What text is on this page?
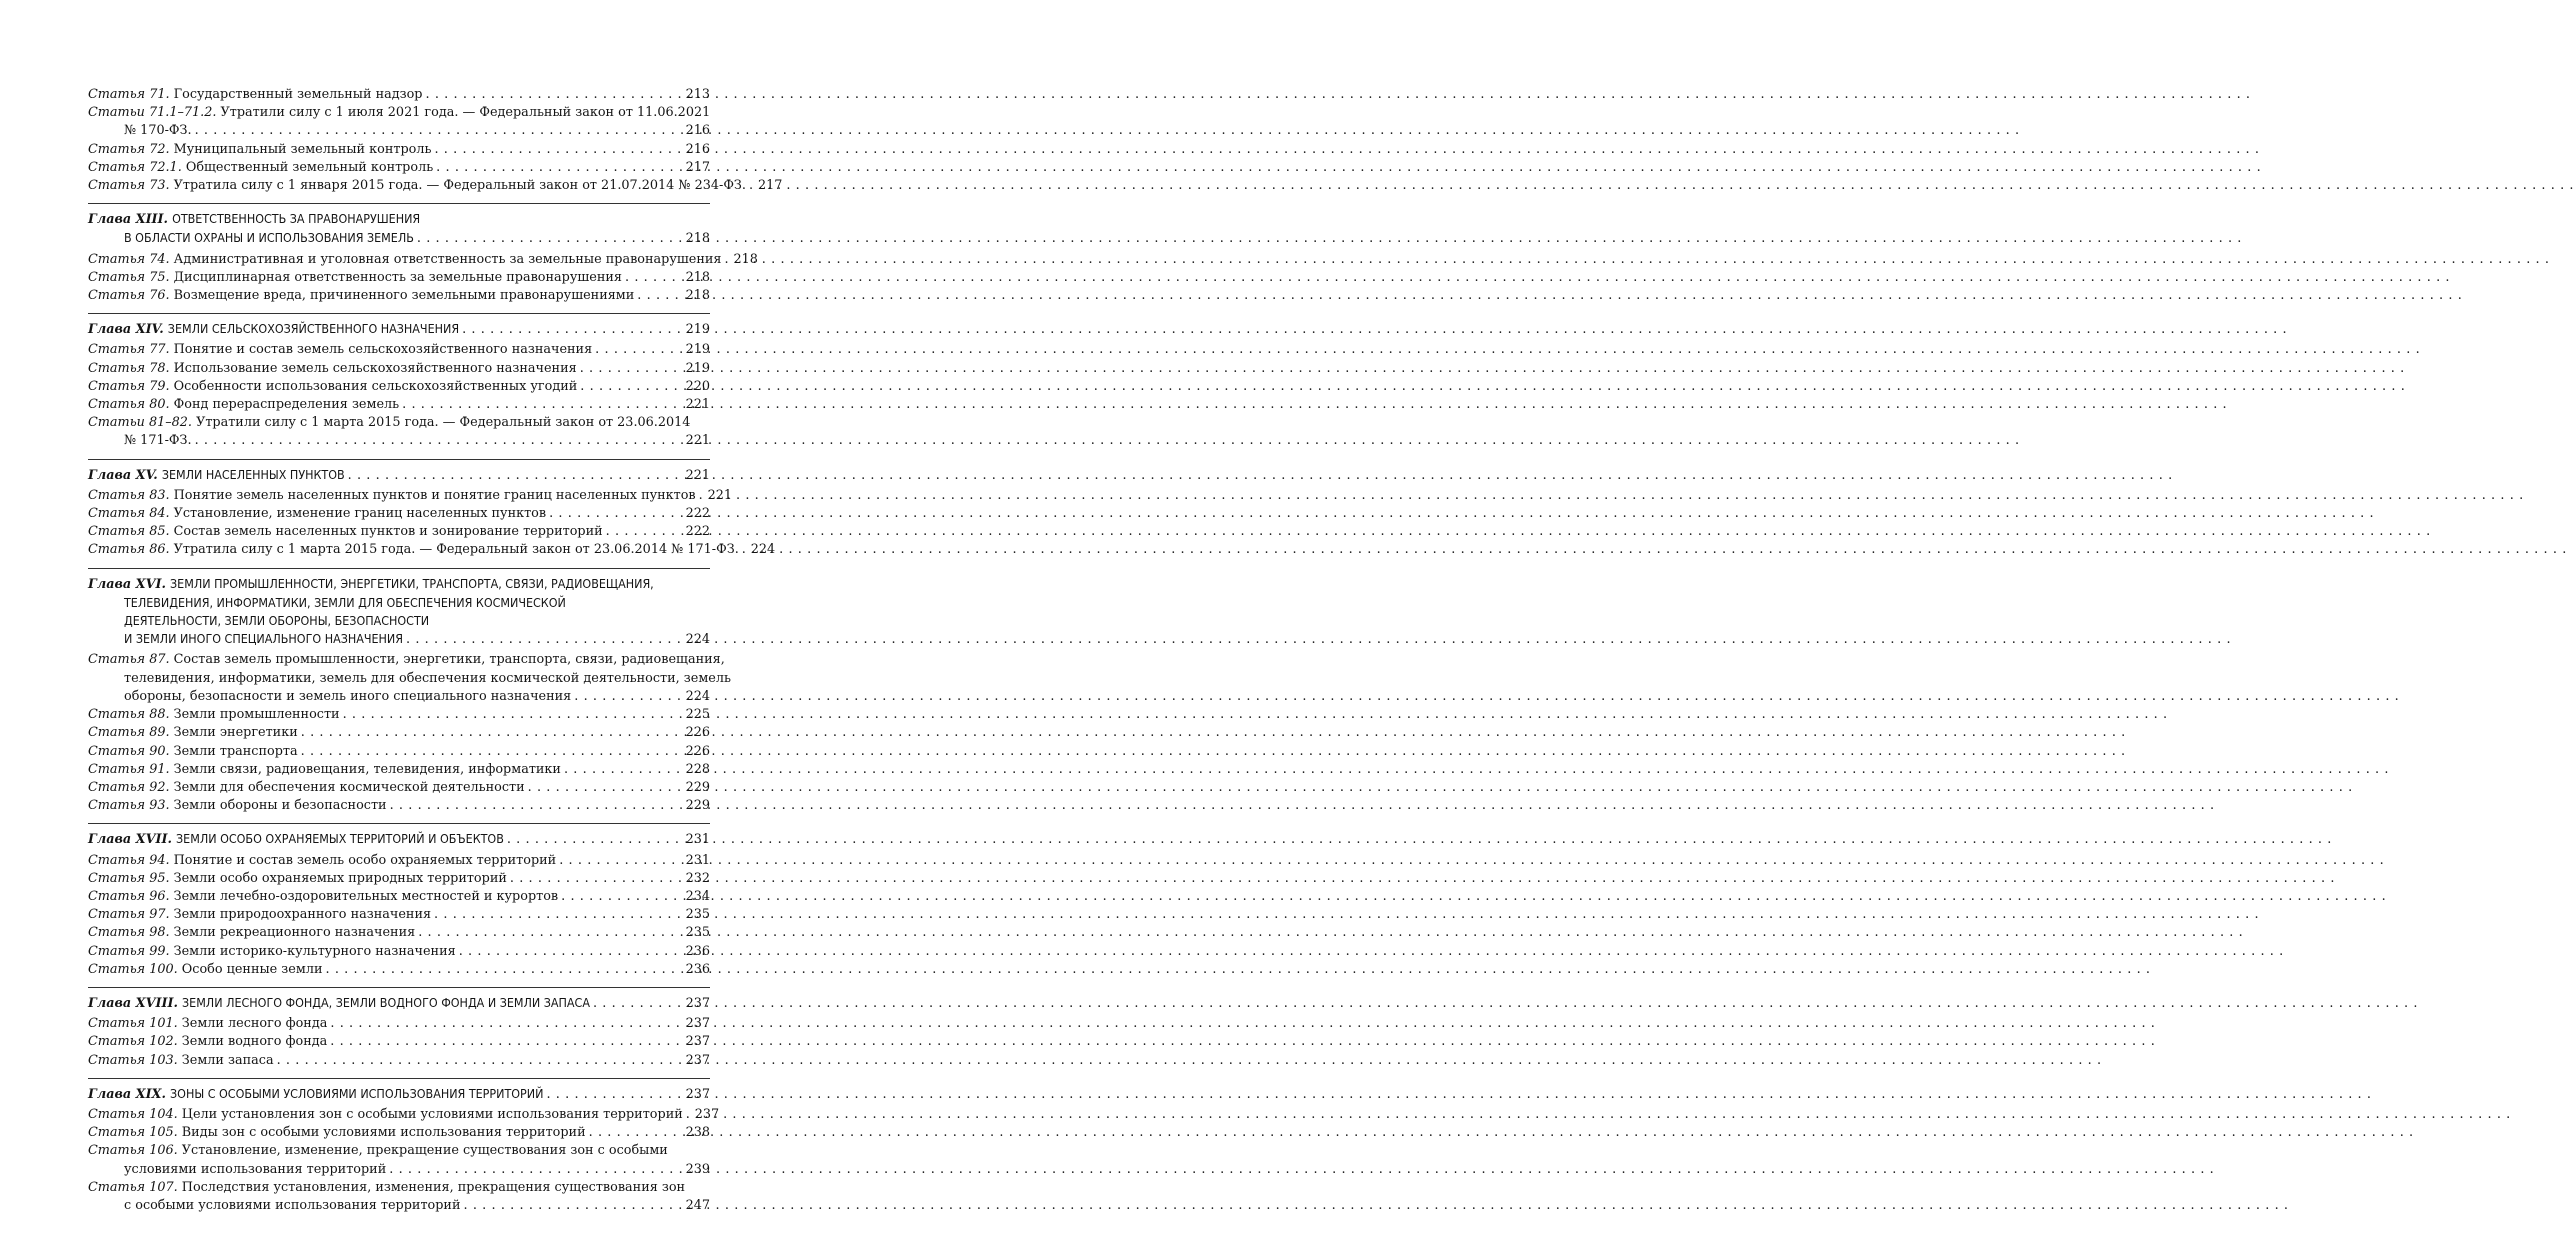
Статья 71.
Государственный земельный надзор . . .	213
Статьи 71.1–71.2.
Утратили силу с 1 июля 2021 года. — Федеральный закон от 11.06.2021
№ 170-ФЗ. . . .	216
Статья 72.
Муниципальный земельный контроль . . .	216
Статья 72.1.
Общественный земельный контроль . . .	217
Статья 73.
Утратила силу с 1 января 2015 года. — Федеральный закон от 21.07.2014 № 234-ФЗ. . . . 217
Глава XIII.
ОТВЕТСТВЕННОСТЬ ЗА ПРАВОНАРУШЕНИЯ
В ОБЛАСТИ ОХРАНЫ И ИСПОЛЬЗОВАНИЯ ЗЕМЕЛЬ . . .	218
Статья 74.
Административная и уголовная ответственность за земельные правонарушения . . . 218
Статья 75.
Дисциплинарная ответственность за земельные правонарушения . . .	218
Статья 76.
Возмещение вреда, причиненного земельными правонарушениями . . .	218
Глава XIV.
ЗЕМЛИ СЕЛЬСКОХОЗЯЙСТВЕННОГО НАЗНАЧЕНИЯ . . .	219
Статья 77.
Понятие и состав земель сельскохозяйственного назначения . . .	219
Статья 78.
Использование земель сельскохозяйственного назначения . . .	219
Статья 79.
Особенности использования сельскохозяйственных угодий . . .	220
Статья 80.
Фонд перераспределения земель . . .	221
Статьи 81–82.
Утратили силу с 1 марта 2015 года. — Федеральный закон от 23.06.2014
№ 171-ФЗ. . . .	221
Глава XV.
ЗЕМЛИ НАСЕЛЕННЫХ ПУНКТОВ . . .	221
Статья 83.
Понятие земель населенных пунктов и понятие границ населенных пунктов . . . 221
Статья 84.
Установление, изменение границ населенных пунктов . . .	222
Статья 85.
Состав земель населенных пунктов и зонирование территорий . . .	222
Статья 86.
Утратила силу с 1 марта 2015 года. — Федеральный закон от 23.06.2014 № 171-ФЗ. . . . 224
Глава XVI.
ЗЕМЛИ ПРОМЫШЛЕННОСТИ, ЭНЕРГЕТИКИ, ТРАНСПОРТА, СВЯЗИ, РАДИОВЕЩАНИЯ,
ТЕЛЕВИДЕНИЯ, ИНФОРМАТИКИ, ЗЕМЛИ ДЛЯ ОБЕСПЕЧЕНИЯ КОСМИЧЕСКОЙ
ДЕЯТЕЛЬНОСТИ, ЗЕМЛИ ОБОРОНЫ, БЕЗОПАСНОСТИ
И ЗЕМЛИ ИНОГО СПЕЦИАЛЬНОГО НАЗНАЧЕНИЯ . . .	224
Статья 87.
Состав земель промышленности, энергетики, транспорта, связи, радиовещания,
телевидения, информатики, земель для обеспечения космической деятельности, земель
обороны, безопасности и земель иного специального назначения . . .	224
Статья 88.
Земли промышленности . . .	225
Статья 89.
Земли энергетики . . .	226
Статья 90.
Земли транспорта . . .	226
Статья 91.
Земли связи, радиовещания, телевидения, информатики . . .	228
Статья 92.
Земли для обеспечения космической деятельности . . .	229
Статья 93.
Земли обороны и безопасности . . .	229
Глава XVII.
ЗЕМЛИ ОСОБО ОХРАНЯЕМЫХ ТЕРРИТОРИЙ И ОБЪЕКТОВ . . .	231
Статья 94.
Понятие и состав земель особо охраняемых территорий . . .	231
Статья 95.
Земли особо охраняемых природных территорий . . .	232
Статья 96.
Земли лечебно-оздоровительных местностей и курортов . . .	234
Статья 97.
Земли природоохранного назначения . . .	235
Статья 98.
Земли рекреационного назначения . . .	235
Статья 99.
Земли историко-культурного назначения . . .	236
Статья 100.
Особо ценные земли . . .	236
Глава XVIII.
ЗЕМЛИ ЛЕСНОГО ФОНДА, ЗЕМЛИ ВОДНОГО ФОНДА И ЗЕМЛИ ЗАПАСА . . .	237
Статья 101.
Земли лесного фонда . . .	237
Статья 102.
Земли водного фонда . . .	237
Статья 103.
Земли запаса . . .	237
Глава XIX.
ЗОНЫ С ОСОБЫМИ УСЛОВИЯМИ ИСПОЛЬЗОВАНИЯ ТЕРРИТОРИЙ . . .	237
Статья 104.
Цели установления зон с особыми условиями использования территорий . . . 237
Статья 105.
Виды зон с особыми условиями использования территорий . . .	238
Статья 106.
Установление, изменение, прекращение существования зон с особыми
условиями использования территорий . . .	239
Статья 107.
Последствия установления, изменения, прекращения существования зон
с особыми условиями использования территорий . . .	247
